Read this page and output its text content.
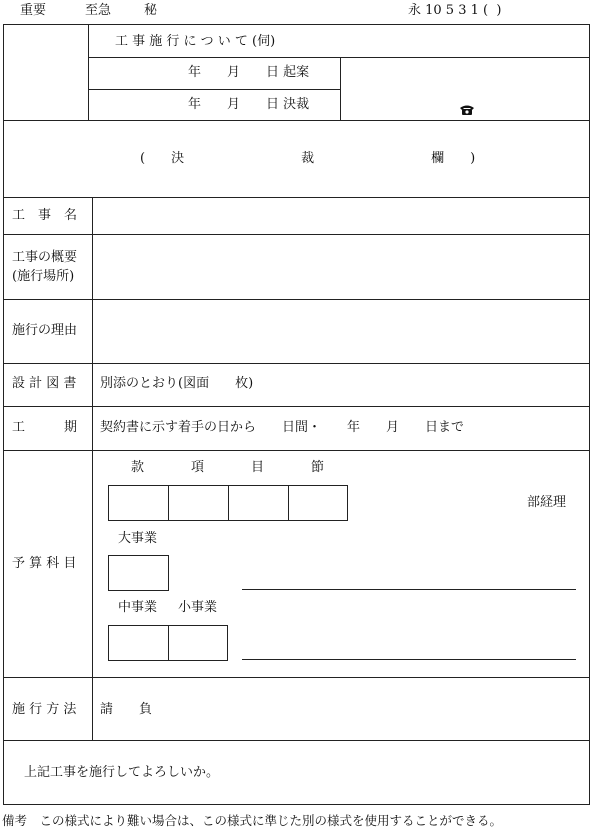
重要	至急	秘	永 10 5 3 1 (  )
工 事 施 行 に つ い て (伺)
年　　月　　日 起案
年　　月　　日 決裁
(　　決　　　　　　　　　裁　　　　　　　　　欄　　)
工　事　名
工事の概要
(施行場所)
施行の理由
設 計 図 書 別添のとおり(図面　　枚)
工　　　期 契約書に示す着手の日から　　日間・　　年　　月　　日まで
予 算 科 目
款	項	目	節
部経理
大事業
中事業 小事業
施 行 方 法 請　　負
上記工事を施行してよろしいか。
備考　この様式により難い場合は、この様式に準じた別の様式を使用することができる。
